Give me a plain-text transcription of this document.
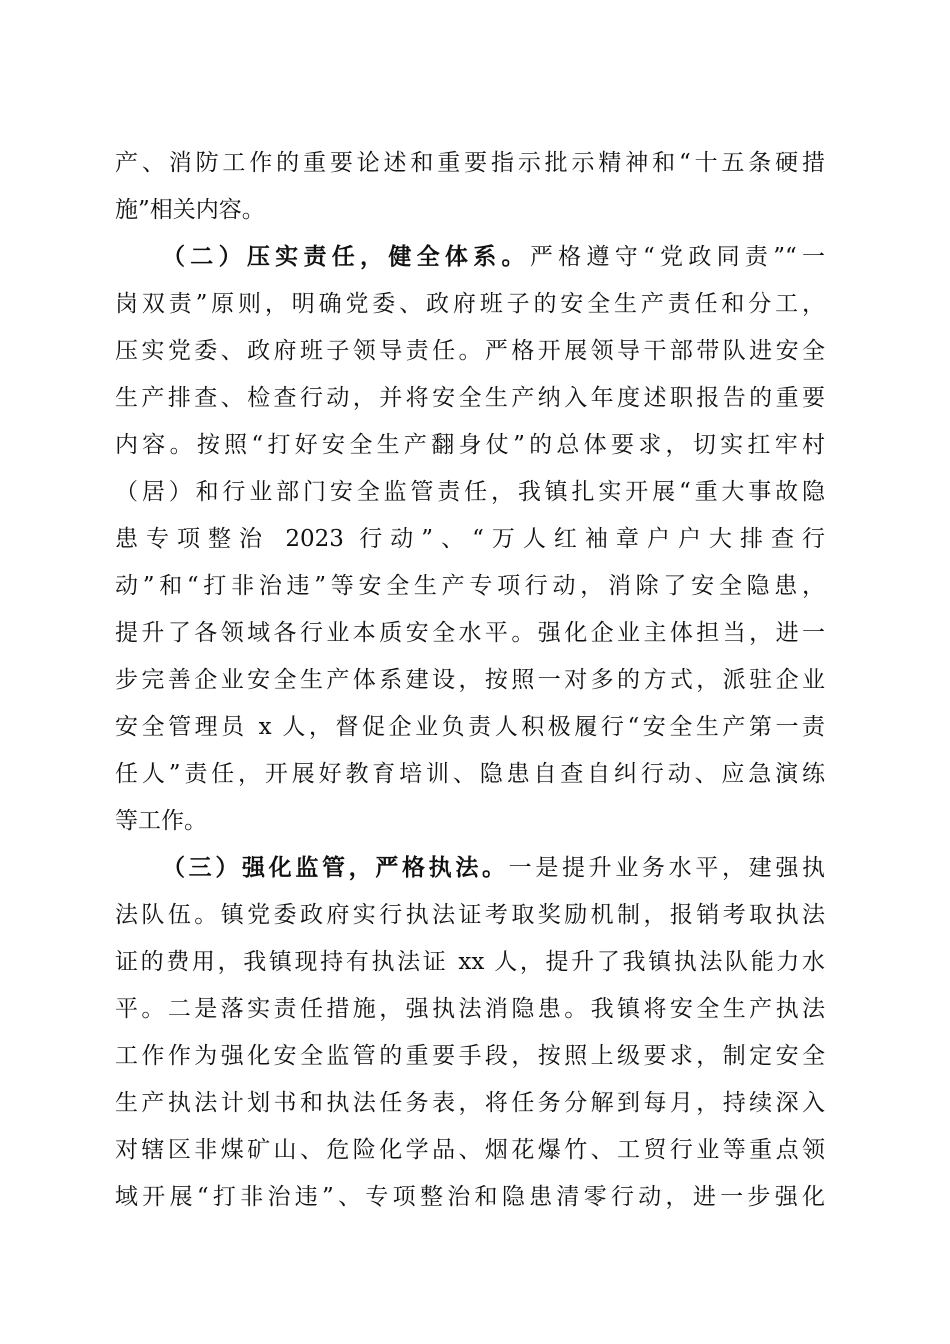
产、消防工作的重要论述和重要指示批示精神和“十五条硬措
施”相关内容。
（二）压实责任，健全体系。严格遵守“党政同责”“一
岗双责”原则，明确党委、政府班子的安全生产责任和分工，
压实党委、政府班子领导责任。严格开展领导干部带队进安全
生产排查、检查行动，并将安全生产纳入年度述职报告的重要
内容。按照“打好安全生产翻身仗”的总体要求，切实扛牢村
（居）和行业部门安全监管责任，我镇扎实开展“重大事故隐
患专项整治 2023 行动”、“万人红袖章户户大排查行
动”和“打非治违”等安全生产专项行动，消除了安全隐患，
提升了各领域各行业本质安全水平。强化企业主体担当，进一
步完善企业安全生产体系建设，按照一对多的方式，派驻企业
安全管理员 x 人，督促企业负责人积极履行“安全生产第一责
任人”责任，开展好教育培训、隐患自查自纠行动、应急演练
等工作。
（三）强化监管，严格执法。一是提升业务水平，建强执
法队伍。镇党委政府实行执法证考取奖励机制，报销考取执法
证的费用，我镇现持有执法证 xx 人，提升了我镇执法队能力水
平。二是落实责任措施，强执法消隐患。我镇将安全生产执法
工作作为强化安全监管的重要手段，按照上级要求，制定安全
生产执法计划书和执法任务表，将任务分解到每月，持续深入
对辖区非煤矿山、危险化学品、烟花爆竹、工贸行业等重点领
域开展“打非治违”、专项整治和隐患清零行动，进一步强化
